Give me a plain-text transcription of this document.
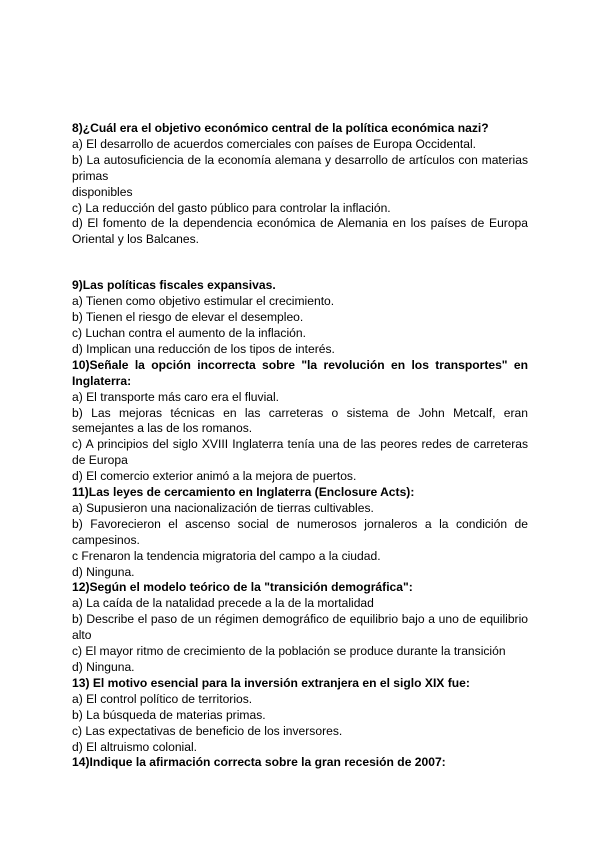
8)¿Cuál era el objetivo económico central de la política económica nazi?
a) El desarrollo de acuerdos comerciales con países de Europa Occidental.
b) La autosuficiencia de la economía alemana y desarrollo de artículos con materias primas
disponibles
c) La reducción del gasto público para controlar la inflación.
d) El fomento de la dependencia económica de Alemania en los países de Europa Oriental y los Balcanes.
9)Las políticas fiscales expansivas.
a) Tienen como objetivo estimular el crecimiento.
b) Tienen el riesgo de elevar el desempleo.
c) Luchan contra el aumento de la inflación.
d) Implican una reducción de los tipos de interés.
10)Señale la opción incorrecta sobre "la revolución en los transportes" en Inglaterra:
a) El transporte más caro era el fluvial.
b) Las mejoras técnicas en las carreteras o sistema de John Metcalf, eran semejantes a las de los romanos.
c) A principios del siglo XVIII Inglaterra tenía una de las peores redes de carreteras de Europa
d) El comercio exterior animó a la mejora de puertos.
11)Las leyes de cercamiento en Inglaterra (Enclosure Acts):
a) Supusieron una nacionalización de tierras cultivables.
b) Favorecieron el ascenso social de numerosos jornaleros a la condición de campesinos.
c Frenaron la tendencia migratoria del campo a la ciudad.
d) Ninguna.
12)Según el modelo teórico de la "transición demográfica":
a) La caída de la natalidad precede a la de la mortalidad
b) Describe el paso de un régimen demográfico de equilibrio bajo a uno de equilibrio alto
c) El mayor ritmo de crecimiento de la población se produce durante la transición
d) Ninguna.
13) El motivo esencial para la inversión extranjera en el siglo XIX fue:
a) El control político de territorios.
b) La búsqueda de materias primas.
c) Las expectativas de beneficio de los inversores.
d) El altruismo colonial.
14)Indique la afirmación correcta sobre la gran recesión de 2007:
